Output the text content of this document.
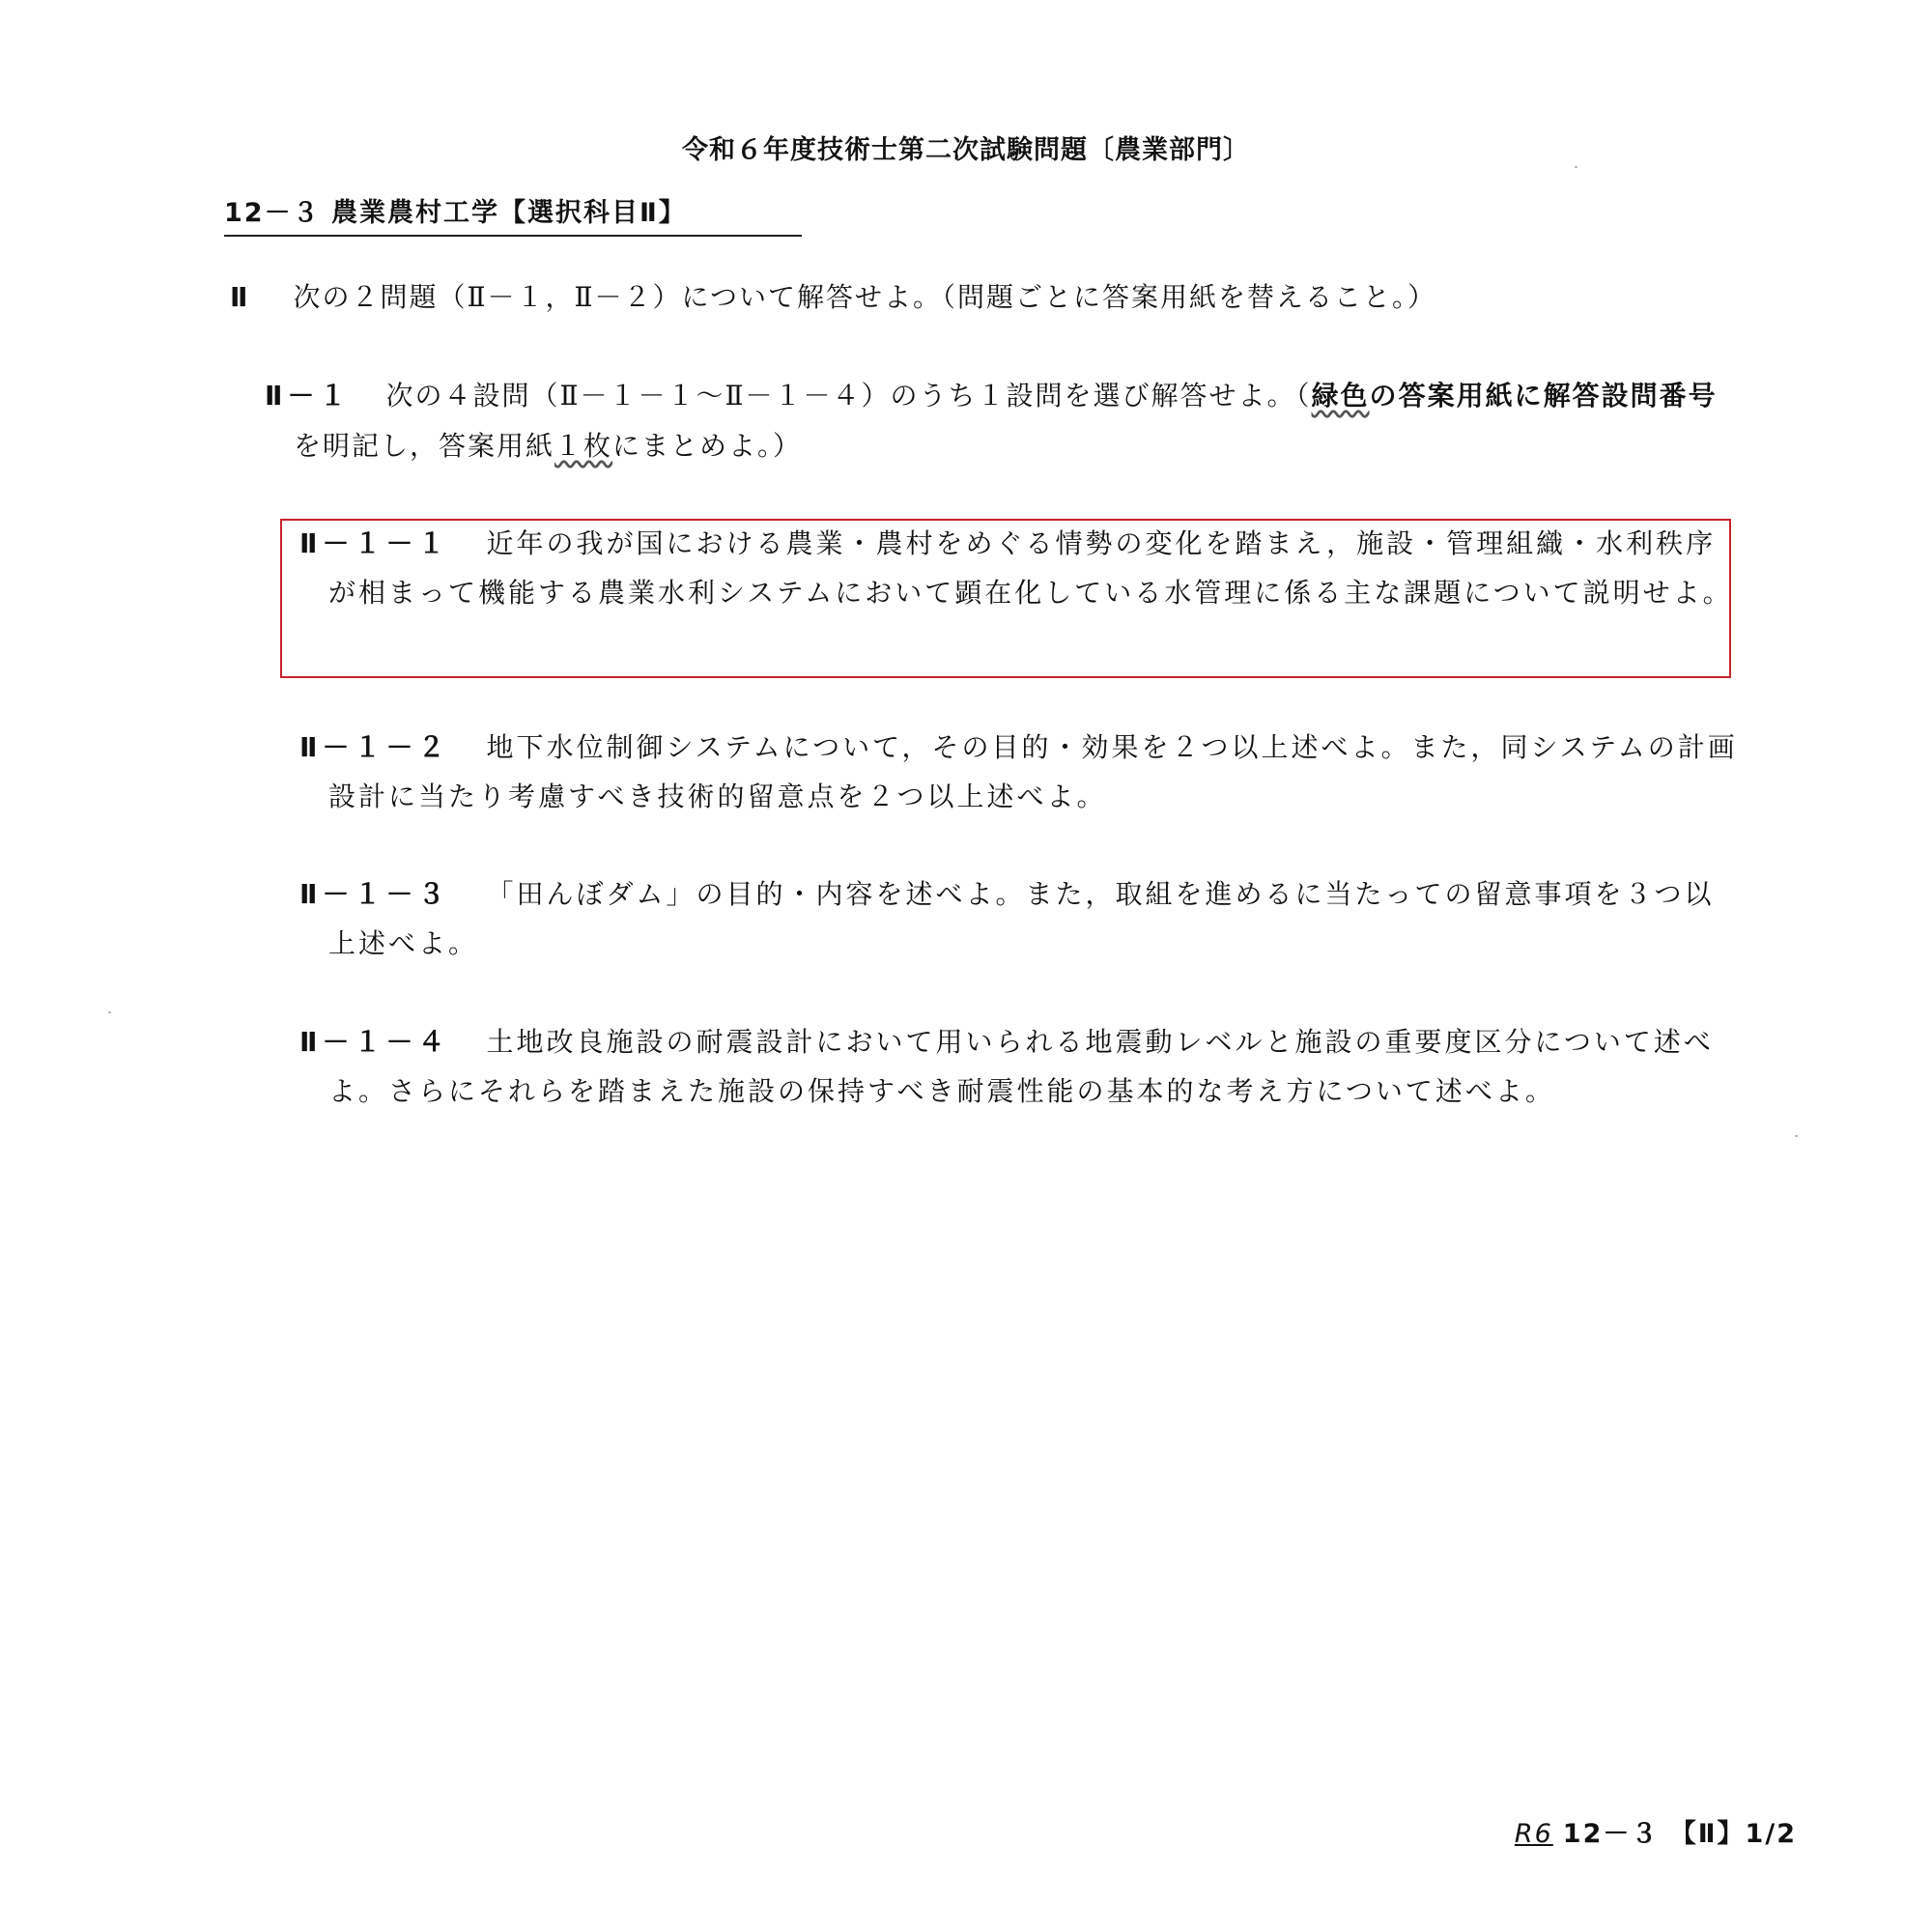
令和６年度技術士第二次試験問題〔農業部門〕
12－３ 農業農村工学【選択科目Ⅱ】
Ⅱ 次の２問題（Ⅱ－１，Ⅱ－２）について解答せよ。（問題ごとに答案用紙を替えること。）
Ⅱ－１ 次の４設問（Ⅱ－１－１～Ⅱ－１－４）のうち１設問を選び解答せよ。（緑色の答案用紙に解答設問番号を明記し，答案用紙１枚にまとめよ。）
Ⅱ－１－１ 近年の我が国における農業・農村をめぐる情勢の変化を踏まえ，施設・管理組織・水利秩序が相まって機能する農業水利システムにおいて顕在化している水管理に係る主な課題について説明せよ。
Ⅱ－１－２ 地下水位制御システムについて，その目的・効果を２つ以上述べよ。また，同システムの計画設計に当たり考慮すべき技術的留意点を２つ以上述べよ。
Ⅱ－１－３ 「田んぼダム」の目的・内容を述べよ。また，取組を進めるに当たっての留意事項を３つ以上述べよ。
Ⅱ－１－４ 土地改良施設の耐震設計において用いられる地震動レベルと施設の重要度区分について述べよ。さらにそれらを踏まえた施設の保持すべき耐震性能の基本的な考え方について述べよ。
R6 12－３ 【Ⅱ】1/2
